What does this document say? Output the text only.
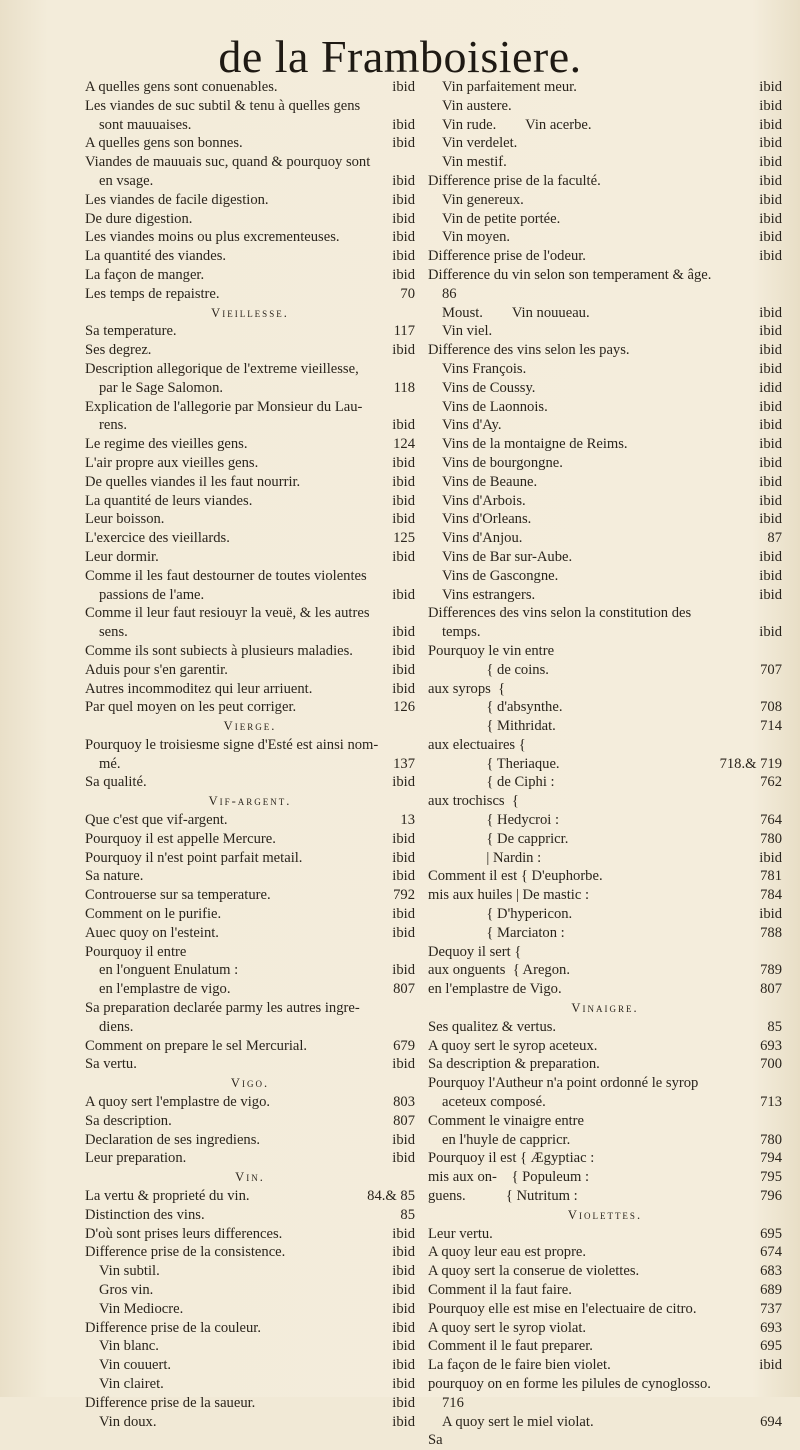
de la Framboisiere.
A quelles gens sont conuenables.	ibid
Les viandes de suc subtil & tenu à quelles gens
sont mauuaises.	ibid
A quelles gens son bonnes.	ibid
Viandes de mauuais suc, quand & pourquoy sont
en vsage.	ibid
Les viandes de facile digestion.	ibid
De dure digestion.	ibid
Les viandes moins ou plus excrementeuses.	ibid
La quantité des viandes.	ibid
La façon de manger.	ibid
Les temps de repaistre.	70
Vieillesse.
Sa temperature.	117
Ses degrez.	ibid
Description allegorique de l'extreme vieillesse,
par le Sage Salomon.	118
Explication de l'allegorie par Monsieur du Lau-
rens.	ibid
Le regime des vieilles gens.	124
L'air propre aux vieilles gens.	ibid
De quelles viandes il les faut nourrir.	ibid
La quantité de leurs viandes.	ibid
Leur boisson.	ibid
L'exercice des vieillards.	125
Leur dormir.	ibid
Comme il les faut destourner de toutes violentes
passions de l'ame.	ibid
Comme il leur faut resiouyr la veuë, & les autres
sens.	ibid
Comme ils sont subiects à plusieurs maladies.	ibid
Aduis pour s'en garentir.	ibid
Autres incommoditez qui leur arriuent.	ibid
Par quel moyen on les peut corriger.	126
Vierge.
Pourquoy le troisiesme signe d'Esté est ainsi nom-
mé.	137
Sa qualité.	ibid
Vif-argent.
Que c'est que vif-argent.	13
Pourquoy il est appelle Mercure.	ibid
Pourquoy il n'est point parfait metail.	ibid
Sa nature.	ibid
Controuerse sur sa temperature.	792
Comment on le purifie.	ibid
Auec quoy on l'esteint.	ibid
Pourquoy il entre
en l'onguent Enulatum :	ibid
en l'emplastre de vigo.	807
Sa preparation declarée parmy les autres ingre-
diens.
Comment on prepare le sel Mercurial.	679
Sa vertu.	ibid
Vigo.
A quoy sert l'emplastre de vigo.	803
Sa description.	807
Declaration de ses ingrediens.	ibid
Leur preparation.	ibid
Vin.
La vertu & proprieté du vin.	84.& 85
Distinction des vins.	85
D'où sont prises leurs differences.	ibid
Difference prise de la consistence.	ibid
Vin subtil.	ibid
Gros vin.	ibid
Vin Mediocre.	ibid
Difference prise de la couleur.	ibid
Vin blanc.	ibid
Vin couuert.	ibid
Vin clairet.	ibid
Difference prise de la saueur.	ibid
Vin doux.	ibid
Vin parfaitement meur.	ibid
Vin austere.	ibid
Vin rude.        Vin acerbe.	ibid
Vin verdelet.	ibid
Vin mestif.	ibid
Difference prise de la faculté.	ibid
Vin genereux.	ibid
Vin de petite portée.	ibid
Vin moyen.	ibid
Difference prise de l'odeur.	ibid
Difference du vin selon son temperament & âge.
86
Moust.        Vin nouueau.	ibid
Vin viel.	ibid
Difference des vins selon les pays.	ibid
Vins François.	ibid
Vins de Coussy.	idid
Vins de Laonnois.	ibid
Vins d'Ay.	ibid
Vins de la montaigne de Reims.	ibid
Vins de bourgongne.	ibid
Vins de Beaune.	ibid
Vins d'Arbois.	ibid
Vins d'Orleans.	ibid
Vins d'Anjou.	87
Vins de Bar sur-Aube.	ibid
Vins de Gascongne.	ibid
Vins estrangers.	ibid
Differences des vins selon la constitution des
temps.	ibid
Pourquoy le vin entre
{ de coins.	707
aux syrops  {
{ d'absynthe.	708
{ Mithridat.	714
aux electuaires {
{ Theriaque.	718.& 719
{ de Ciphi :	762
aux trochiscs  {
{ Hedycroi :	764
{ De cappricr.	780
| Nardin :	ibid
Comment il est { D'euphorbe.	781
mis aux huiles | De mastic :	784
{ D'hypericon.	ibid
{ Marciaton :	788
Dequoy il sert {
aux onguents  { Aregon.	789
en l'emplastre de Vigo.	807
Vinaigre.
Ses qualitez & vertus.	85
A quoy sert le syrop aceteux.	693
Sa description & preparation.	700
Pourquoy l'Autheur n'a point ordonné le syrop
aceteux composé.	713
Comment le vinaigre entre
en l'huyle de cappricr.	780
Pourquoy il est { Ægyptiac :	794
mis aux on-    { Populeum :	795
guens.           { Nutritum :	796
Violettes.
Leur vertu.	695
A quoy leur eau est propre.	674
A quoy sert la conserue de violettes.	683
Comment il la faut faire.	689
Pourquoy elle est mise en l'electuaire de citro.	737
A quoy sert le syrop violat.	693
Comment il le faut preparer.	695
La façon de le faire bien violet.	ibid
pourquoy on en forme les pilules de cynoglosso.
716
A quoy sert le miel violat.	694
Sa
